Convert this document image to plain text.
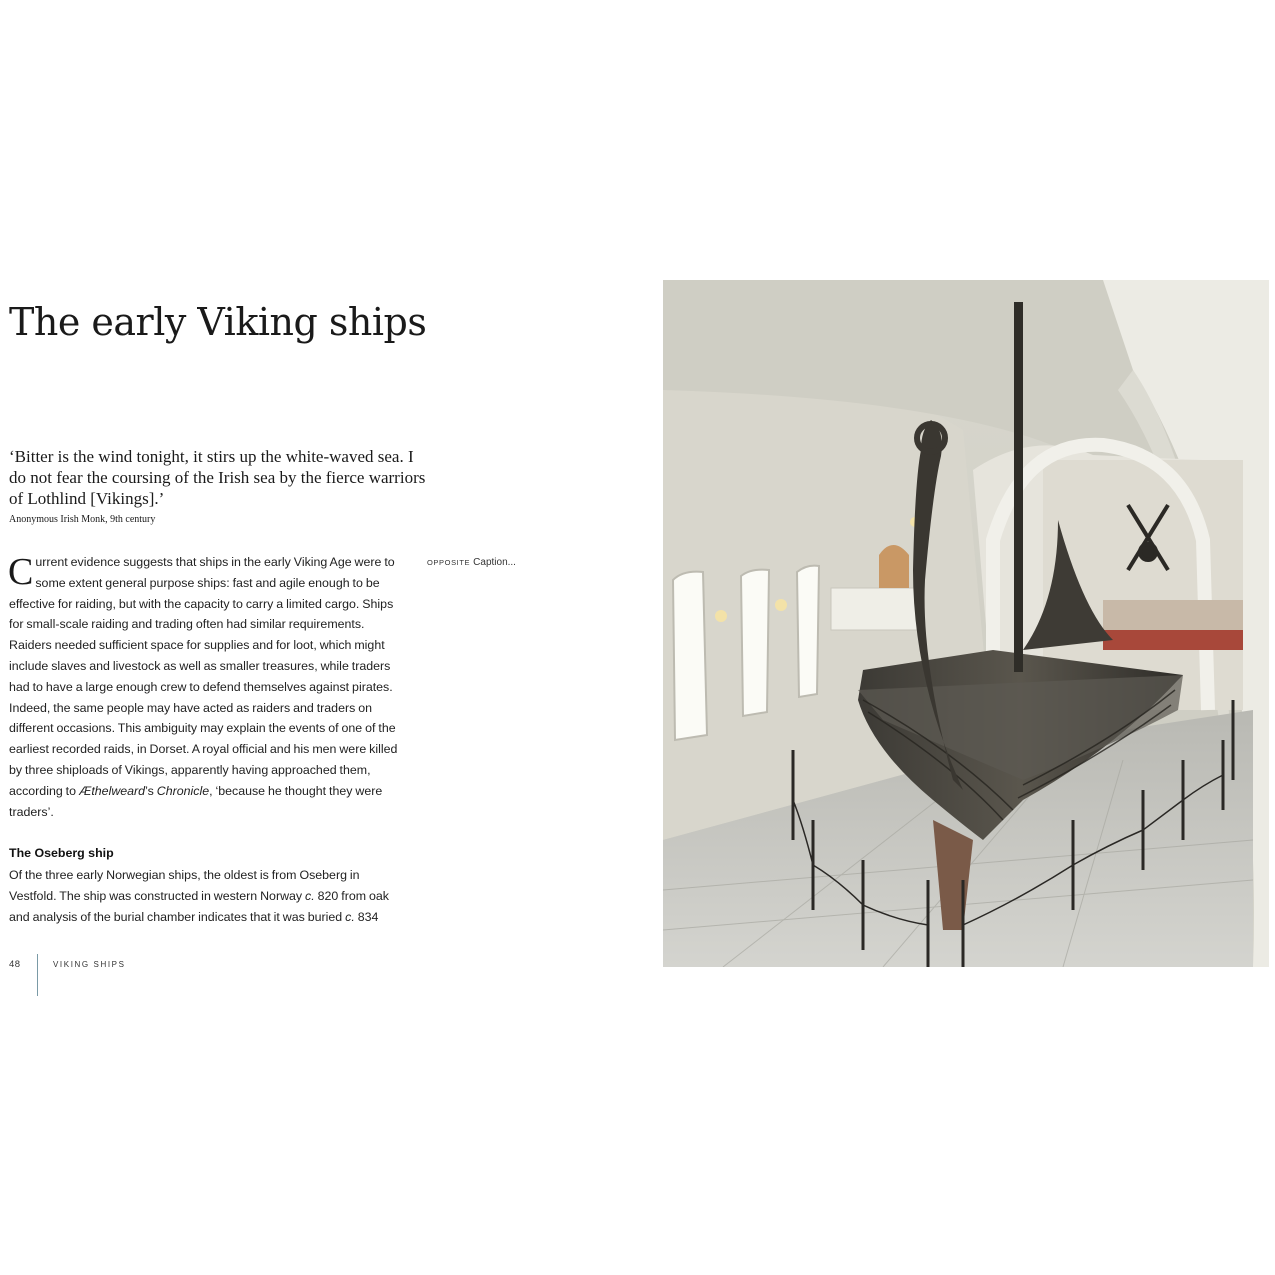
The early Viking ships

‘Bitter is the wind tonight, it stirs up the white-waved sea. I do not fear the coursing of the Irish sea by the fierce warriors of Lothlind [Vikings].’

Anonymous Irish Monk, 9th century

Current evidence suggests that ships in the early Viking Age were to some extent general purpose ships: fast and agile enough to be effective for raiding, but with the capacity to carry a limited cargo. Ships for small-scale raiding and trading often had similar requirements. Raiders needed sufficient space for supplies and for loot, which might include slaves and livestock as well as smaller treasures, while traders had to have a large enough crew to defend themselves against pirates. Indeed, the same people may have acted as raiders and traders on different occasions. This ambiguity may explain the events of one of the earliest recorded raids, in Dorset. A royal official and his men were killed by three shiploads of Vikings, apparently having approached them, according to Æthelweard’s Chronicle, ‘because he thought they were traders’.

The Oseberg ship

Of the three early Norwegian ships, the oldest is from Oseberg in Vestfold. The ship was constructed in western Norway c. 820 from oak and analysis of the burial chamber indicates that it was buried c. 834

OPPOSITE Caption...
48	VIKING SHIPS
